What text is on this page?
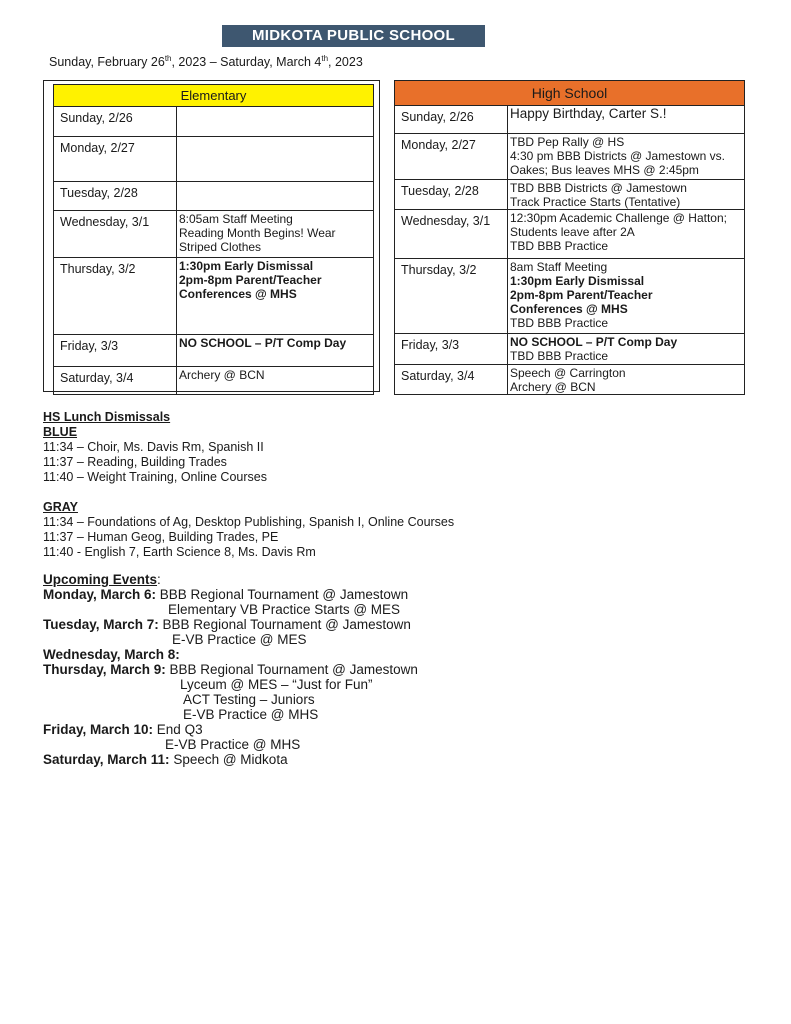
MIDKOTA PUBLIC SCHOOL
Sunday, February 26th, 2023 – Saturday, March 4th, 2023
Elementary	
Sunday, 2/26	
Monday, 2/27	
Tuesday, 2/28	
Wednesday, 3/1	8:05am Staff Meeting
Reading Month Begins! Wear
Striped Clothes

Thursday, 3/2	1:30pm Early Dismissal
2pm-8pm Parent/Teacher
Conferences @ MHS

Friday, 3/3	NO SCHOOL – P/T Comp Day

Saturday, 3/4	Archery @ BCN
High School	
Sunday, 2/26	Happy Birthday, Carter S.!

Monday, 2/27	TBD Pep Rally @ HS
4:30 pm BBB Districts @ Jamestown vs.
Oakes; Bus leaves MHS @ 2:45pm

Tuesday, 2/28	TBD BBB Districts @ Jamestown
Track Practice Starts (Tentative)

Wednesday, 3/1	12:30pm Academic Challenge @ Hatton;
Students leave after 2A
TBD BBB Practice

Thursday, 3/2	8am Staff Meeting
1:30pm Early Dismissal
2pm-8pm Parent/Teacher
Conferences @ MHS
TBD BBB Practice

Friday, 3/3	NO SCHOOL – P/T Comp Day
TBD BBB Practice

Saturday, 3/4	Speech @ Carrington
Archery @ BCN
HS Lunch Dismissals
BLUE
11:34 – Choir, Ms. Davis Rm, Spanish II
11:37 – Reading, Building Trades
11:40 – Weight Training, Online Courses
GRAY
11:34 – Foundations of Ag, Desktop Publishing, Spanish I, Online Courses
11:37 – Human Geog, Building Trades, PE
11:40 - English 7, Earth Science 8, Ms. Davis Rm
Upcoming Events:
Monday, March 6: BBB Regional Tournament @ Jamestown
Elementary VB Practice Starts @ MES
Tuesday, March 7: BBB Regional Tournament @ Jamestown
E-VB Practice @ MES
Wednesday, March 8:
Thursday, March 9: BBB Regional Tournament @ Jamestown
Lyceum @ MES – “Just for Fun”
ACT Testing – Juniors
E-VB Practice @ MHS
Friday, March 10: End Q3
E-VB Practice @ MHS
Saturday, March 11: Speech @ Midkota
